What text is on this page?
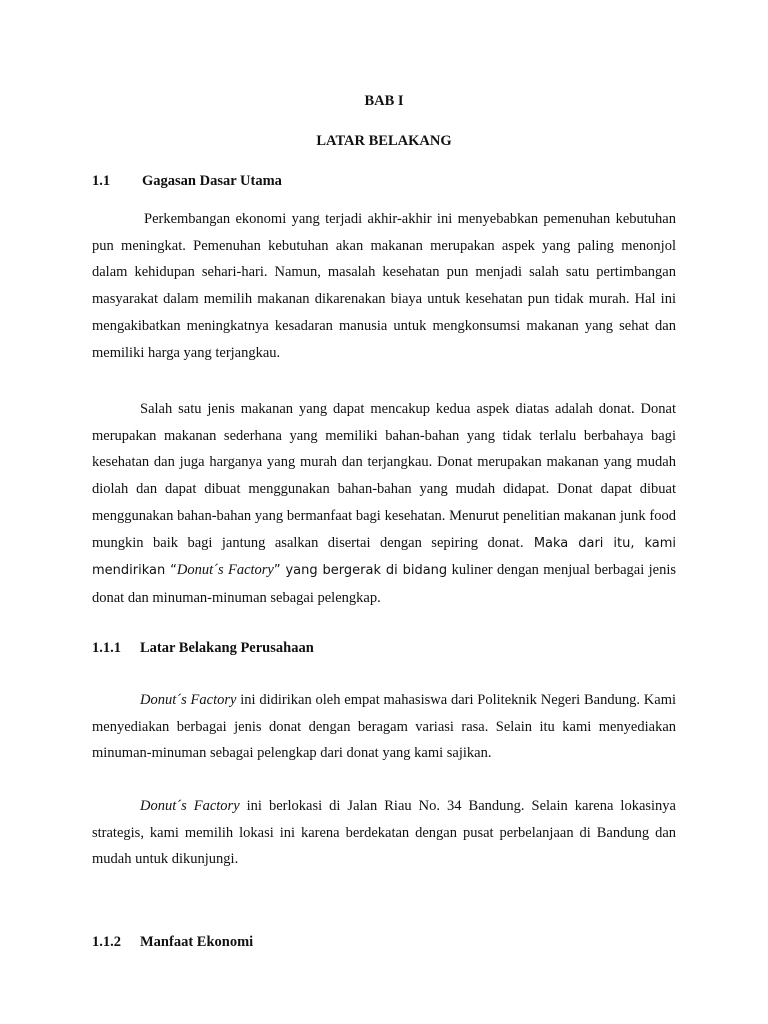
BAB I

LATAR BELAKANG

1.1 Gagasan Dasar Utama

Perkembangan ekonomi yang terjadi akhir-akhir ini menyebabkan pemenuhan kebutuhan pun meningkat. Pemenuhan kebutuhan akan makanan merupakan aspek yang paling menonjol dalam kehidupan sehari-hari. Namun, masalah kesehatan pun menjadi salah satu pertimbangan masyarakat dalam memilih makanan dikarenakan biaya untuk kesehatan pun tidak murah. Hal ini mengakibatkan meningkatnya kesadaran manusia untuk mengkonsumsi makanan yang sehat dan memiliki harga yang terjangkau.

Salah satu jenis makanan yang dapat mencakup kedua aspek diatas adalah donat. Donat merupakan makanan sederhana yang memiliki bahan-bahan yang tidak terlalu berbahaya bagi kesehatan dan juga harganya yang murah dan terjangkau. Donat merupakan makanan yang mudah diolah dan dapat dibuat menggunakan bahan-bahan yang mudah didapat. Donat dapat dibuat menggunakan bahan-bahan yang bermanfaat bagi kesehatan. Menurut penelitian makanan junk food mungkin baik bagi jantung asalkan disertai dengan sepiring donat. Maka dari itu, kami mendirikan “Donut´s Factory” yang bergerak di bidang kuliner dengan menjual berbagai jenis donat dan minuman-minuman sebagai pelengkap.

1.1.1 Latar Belakang Perusahaan

Donut´s Factory ini didirikan oleh empat mahasiswa dari Politeknik Negeri Bandung. Kami menyediakan berbagai jenis donat dengan beragam variasi rasa. Selain itu kami menyediakan minuman-minuman sebagai pelengkap dari donat yang kami sajikan.

Donut´s Factory ini berlokasi di Jalan Riau No. 34 Bandung. Selain karena lokasinya strategis, kami memilih lokasi ini karena berdekatan dengan pusat perbelanjaan di Bandung dan mudah untuk dikunjungi.

1.1.2 Manfaat Ekonomi
